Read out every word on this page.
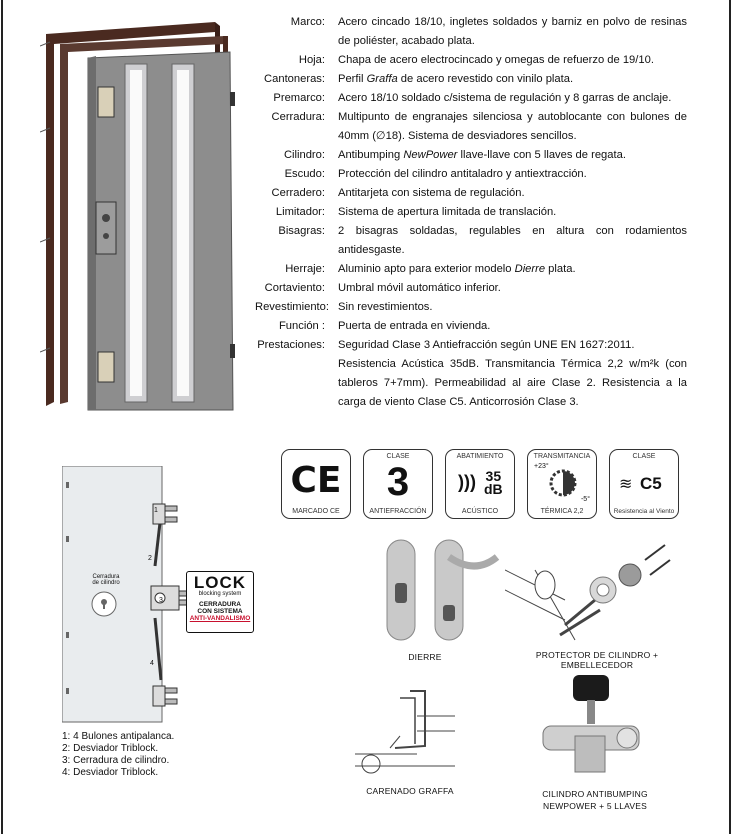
Marco:	Acero cincado 18/10, ingletes soldados y barniz en polvo de resinas de poliéster, acabado plata.
Hoja:	Chapa de acero electrocincado y omegas de refuerzo de 19/10.
Cantoneras:	Perfil Graffa de acero revestido con vinilo plata.
Premarco:	Acero 18/10 soldado c/sistema de regulación y 8 garras de anclaje.
Cerradura:	Multipunto de engranajes silenciosa y autoblocante con bulones de 40mm (∅18). Sistema de desviadores sencillos.
Cilindro:	Antibumping NewPower llave-llave con 5 llaves de regata.
Escudo:	Protección del cilindro antitaladro y antiextracción.
Cerradero:	Antitarjeta con sistema de regulación.
Limitador:	Sistema de apertura limitada de translación.
Bisagras:	2 bisagras soldadas, regulables en altura con rodamientos antidesgaste.
Herraje:	Aluminio apto para exterior modelo Dierre plata.
Cortaviento:	Umbral móvil automático inferior.
Revestimiento: Sin revestimientos.
Función :	Puerta de entrada en vivienda.
Prestaciones:	Seguridad Clase 3 Antiefracción según UNE EN 1627:2011.
Resistencia Acústica 35dB. Transmitancia Térmica 2,2 w/m²k (con tableros 7+7mm). Permeabilidad al aire Clase 2. Resistencia a la carga de viento Clase C5. Anticorrosión Clase 3.
Cerradura
de cilindro
1
2
3
4
LOCK
blocking system
CERRADURA
CON SISTEMA
ANTI-VANDALISMO
1: 4 Bulones antipalanca.
2: Desviador Triblock.
3: Cerradura de cilindro.
4: Desviador Triblock.
CE
MARCADO CE
CLASE
3
ANTIEFRACCIÓN
ABATIMIENTO
))) 35
dB
ACÚSTICO
TRANSMITANCIA
+23°
-5°
TÉRMICA 2,2
CLASE
≋ C5
Resistencia al Viento
DIERRE	PROTECTOR DE CILINDRO +
EMBELLECEDOR
CARENADO GRAFFA	CILINDRO ANTIBUMPING
NEWPOWER + 5 LLAVES
